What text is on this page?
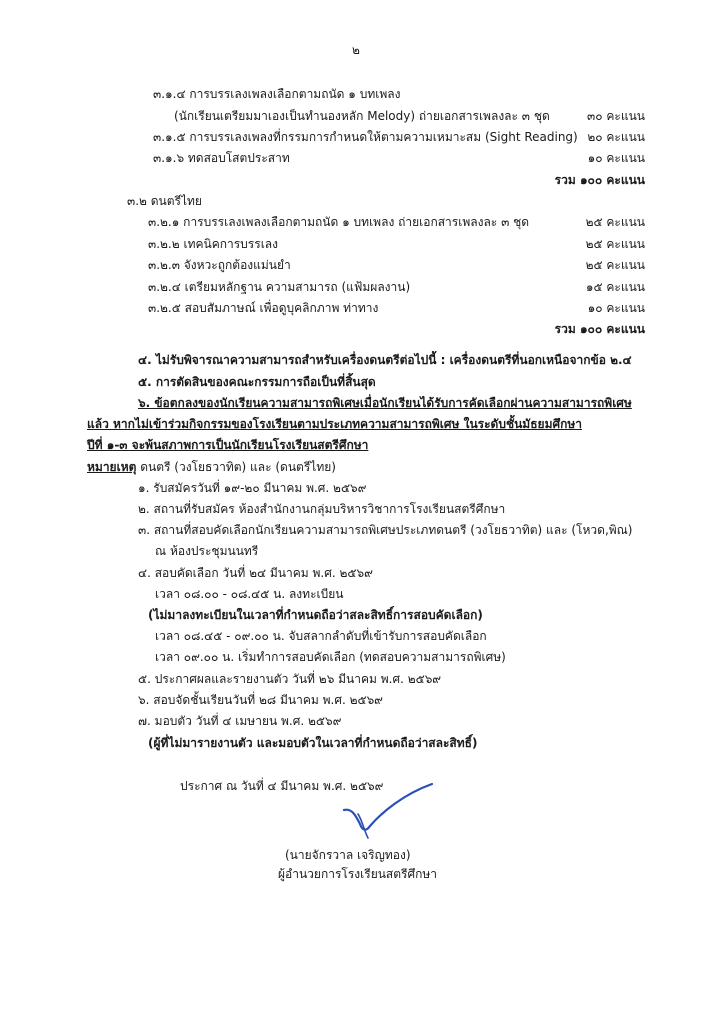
๒
๓.๑.๔ การบรรเลงเพลงเลือกตามถนัด ๑ บทเพลง
(นักเรียนเตรียมมาเองเป็นทำนองหลัก Melody) ถ่ายเอกสารเพลงละ ๓ ชุด	๓๐ คะแนน
๓.๑.๕ การบรรเลงเพลงที่กรรมการกำหนดให้ตามความเหมาะสม (Sight Reading) ๒๐ คะแนน
๓.๑.๖ ทดสอบโสตประสาท	๑๐ คะแนน
รวม ๑๐๐ คะแนน
๓.๒ ดนตรีไทย
๓.๒.๑ การบรรเลงเพลงเลือกตามถนัด ๑ บทเพลง ถ่ายเอกสารเพลงละ ๓ ชุด	๒๕ คะแนน
๓.๒.๒ เทคนิคการบรรเลง	๒๕ คะแนน
๓.๒.๓ จังหวะถูกต้องแม่นยำ	๒๕ คะแนน
๓.๒.๔ เตรียมหลักฐาน ความสามารถ (แฟ้มผลงาน)	๑๕ คะแนน
๓.๒.๕ สอบสัมภาษณ์ เพื่อดูบุคลิกภาพ ท่าทาง	๑๐ คะแนน
รวม ๑๐๐ คะแนน
๔. ไม่รับพิจารณาความสามารถสำหรับเครื่องดนตรีต่อไปนี้ : เครื่องดนตรีที่นอกเหนือจากข้อ ๒.๔
๕. การตัดสินของคณะกรรมการถือเป็นที่สิ้นสุด
๖. ข้อตกลงของนักเรียนความสามารถพิเศษเมื่อนักเรียนได้รับการคัดเลือกผ่านความสามารถพิเศษ
แล้ว หากไม่เข้าร่วมกิจกรรมของโรงเรียนตามประเภทความสามารถพิเศษ ในระดับชั้นมัธยมศึกษา
ปีที่ ๑-๓ จะพ้นสภาพการเป็นนักเรียนโรงเรียนสตรีศึกษา
หมายเหตุ ดนตรี (วงโยธวาทิต) และ (ดนตรีไทย)
๑. รับสมัครวันที่ ๑๙-๒๐ มีนาคม พ.ศ. ๒๕๖๙
๒. สถานที่รับสมัคร ห้องสำนักงานกลุ่มบริหารวิชาการโรงเรียนสตรีศึกษา
๓. สถานที่สอบคัดเลือกนักเรียนความสามารถพิเศษประเภทดนตรี (วงโยธวาทิต) และ (โหวด,พิณ)
ณ ห้องประชุมนนทรี
๔. สอบคัดเลือก วันที่ ๒๔ มีนาคม พ.ศ. ๒๕๖๙
เวลา ๐๘.๐๐ - ๐๘.๔๕ น. ลงทะเบียน
(ไม่มาลงทะเบียนในเวลาที่กำหนดถือว่าสละสิทธิ์การสอบคัดเลือก)
เวลา ๐๘.๔๕ - ๐๙.๐๐ น. จับสลากลำดับที่เข้ารับการสอบคัดเลือก
เวลา ๐๙.๐๐ น. เริ่มทำการสอบคัดเลือก (ทดสอบความสามารถพิเศษ)
๕. ประกาศผลและรายงานตัว วันที่ ๒๖ มีนาคม พ.ศ. ๒๕๖๙
๖. สอบจัดชั้นเรียนวันที่ ๒๘ มีนาคม พ.ศ. ๒๕๖๙
๗. มอบตัว วันที่ ๔ เมษายน พ.ศ. ๒๕๖๙
(ผู้ที่ไม่มารายงานตัว และมอบตัวในเวลาที่กำหนดถือว่าสละสิทธิ์)
ประกาศ ณ วันที่ ๔ มีนาคม พ.ศ. ๒๕๖๙
(นายจักรวาล เจริญทอง)
ผู้อำนวยการโรงเรียนสตรีศึกษา
